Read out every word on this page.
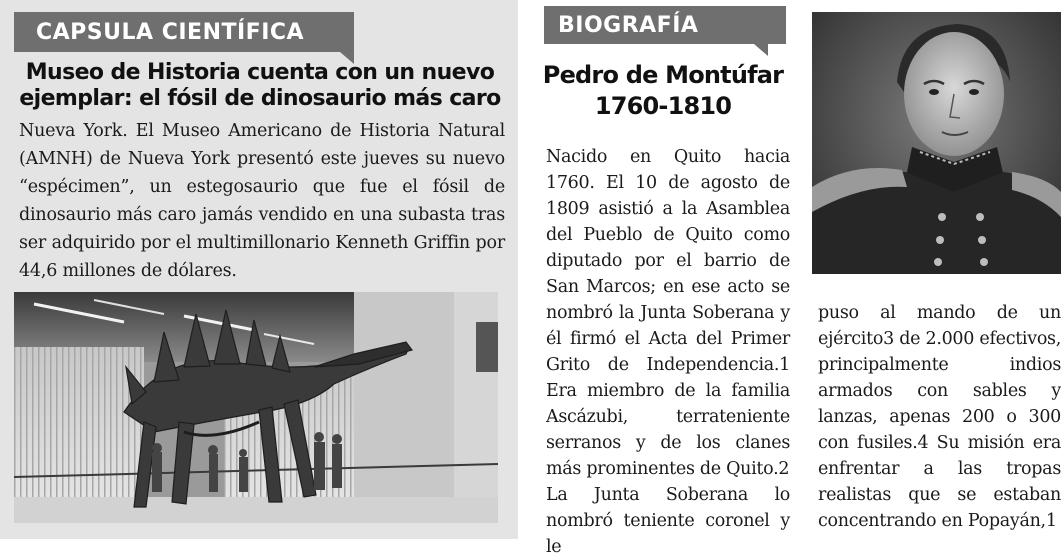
CAPSULA CIENTÍFICA
Museo de Historia cuenta con un nuevo ejemplar: el fósil de dinosaurio más caro
Nueva York. El Museo Americano de Historia Natural (AMNH) de Nueva York presentó este jueves su nuevo “espécimen”, un estegosaurio que fue el fósil de dinosaurio más caro jamás vendido en una subasta tras ser adquirido por el multimillonario Kenneth Griffin por 44,6 millones de dólares.
BIOGRAFÍA
Pedro de Montúfar
1760-1810

Nacido en Quito hacia 1760. El 10 de agosto de 1809 asistió a la Asamblea del Pueblo de Quito como diputado por el barrio de San Marcos; en ese acto se nombró la Junta Soberana y él firmó el Acta del Primer Grito de Independencia.1 Era miembro de la familia Ascázubi, terrateniente serranos y de los clanes más prominentes de Quito.2

La Junta Soberana lo nombró teniente coronel y le

puso al mando de un ejército3 de 2.000 efectivos, principalmente indios armados con sables y lanzas, apenas 200 o 300 con fusiles.4 Su misión era enfrentar a las tropas realistas que se estaban concentrando en Popayán,1
